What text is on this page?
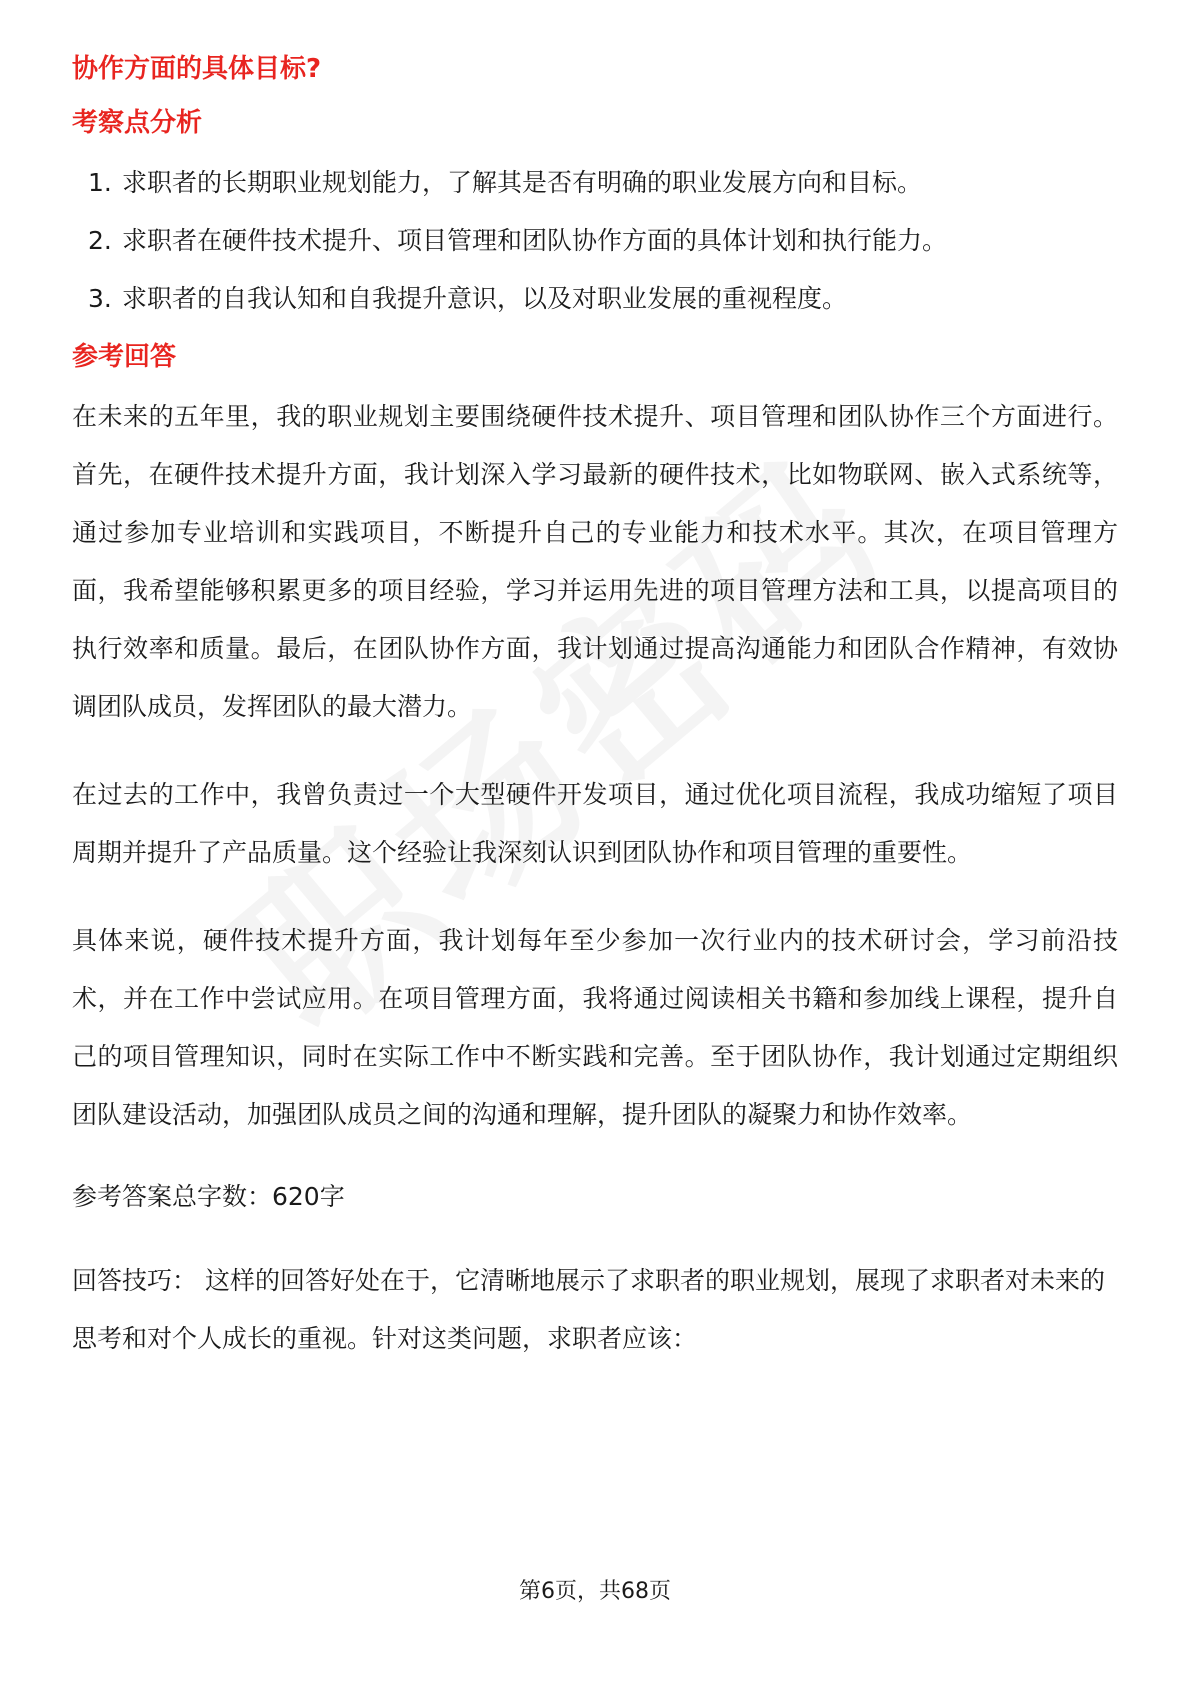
协作方面的具体目标?

考察点分析

1. 求职者的长期职业规划能力，了解其是否有明确的职业发展方向和目标。
2. 求职者在硬件技术提升、项目管理和团队协作方面的具体计划和执行能力。
3. 求职者的自我认知和自我提升意识，以及对职业发展的重视程度。

参考回答

在未来的五年里，我的职业规划主要围绕硬件技术提升、项目管理和团队协作三个方面进行。首先，在硬件技术提升方面，我计划深入学习最新的硬件技术，比如物联网、嵌入式系统等，通过参加专业培训和实践项目，不断提升自己的专业能力和技术水平。其次，在项目管理方面，我希望能够积累更多的项目经验，学习并运用先进的项目管理方法和工具，以提高项目的执行效率和质量。最后，在团队协作方面，我计划通过提高沟通能力和团队合作精神，有效协调团队成员，发挥团队的最大潜力。

在过去的工作中，我曾负责过一个大型硬件开发项目，通过优化项目流程，我成功缩短了项目周期并提升了产品质量。这个经验让我深刻认识到团队协作和项目管理的重要性。

具体来说，硬件技术提升方面，我计划每年至少参加一次行业内的技术研讨会，学习前沿技术，并在工作中尝试应用。在项目管理方面，我将通过阅读相关书籍和参加线上课程，提升自己的项目管理知识，同时在实际工作中不断实践和完善。至于团队协作，我计划通过定期组织团队建设活动，加强团队成员之间的沟通和理解，提升团队的凝聚力和协作效率。

参考答案总字数：620字

回答技巧： 这样的回答好处在于，它清晰地展示了求职者的职业规划，展现了求职者对未来的思考和对个人成长的重视。针对这类问题，求职者应该：

第6页，共68页
